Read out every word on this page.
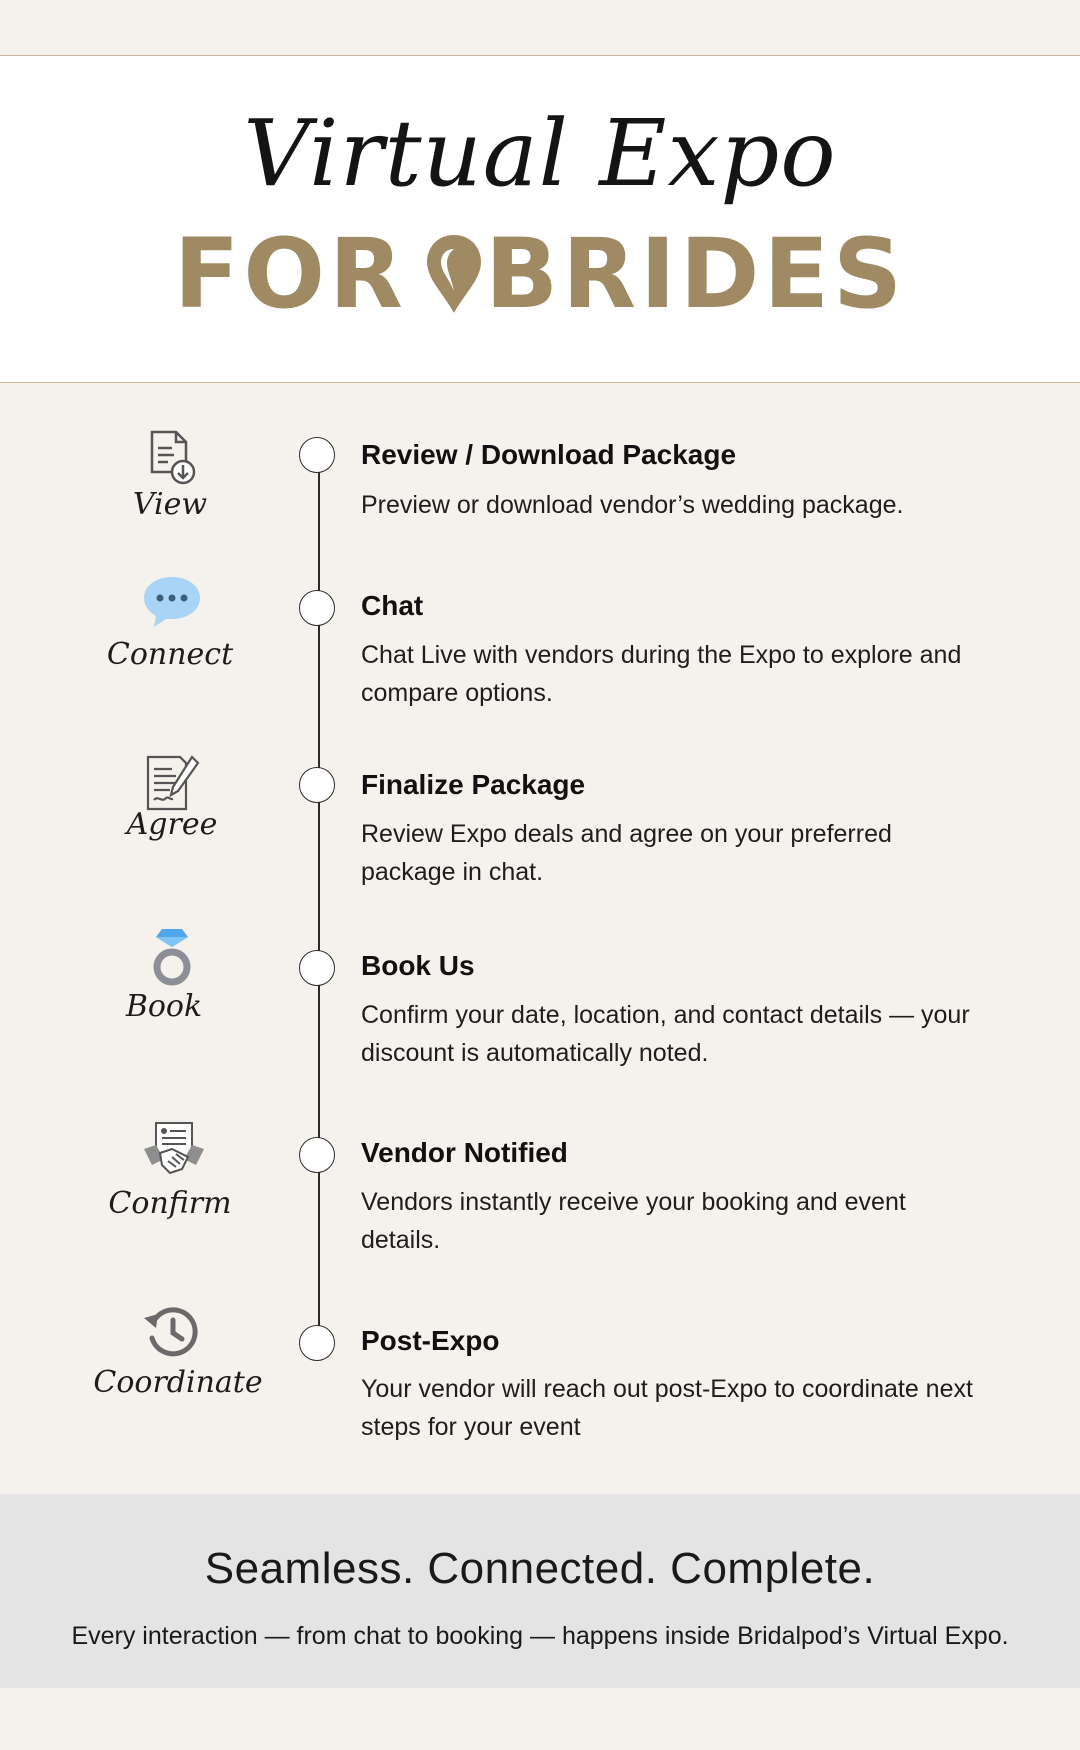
Virtual Expo
FOR BRIDES
View
Review / Download Package
Preview or download vendor’s wedding package.
Connect
Chat
Chat Live with vendors during the Expo to explore and compare options.
Agree
Finalize Package
Review Expo deals and agree on your preferred package in chat.
Book
Book Us
Confirm your date, location, and contact details — your discount is automatically noted.
Confirm
Vendor Notified
Vendors instantly receive your booking and event details.
Coordinate
Post-Expo
Your vendor will reach out post-Expo to coordinate next steps for your event
Seamless. Connected. Complete.
Every interaction — from chat to booking — happens inside Bridalpod’s Virtual Expo.
